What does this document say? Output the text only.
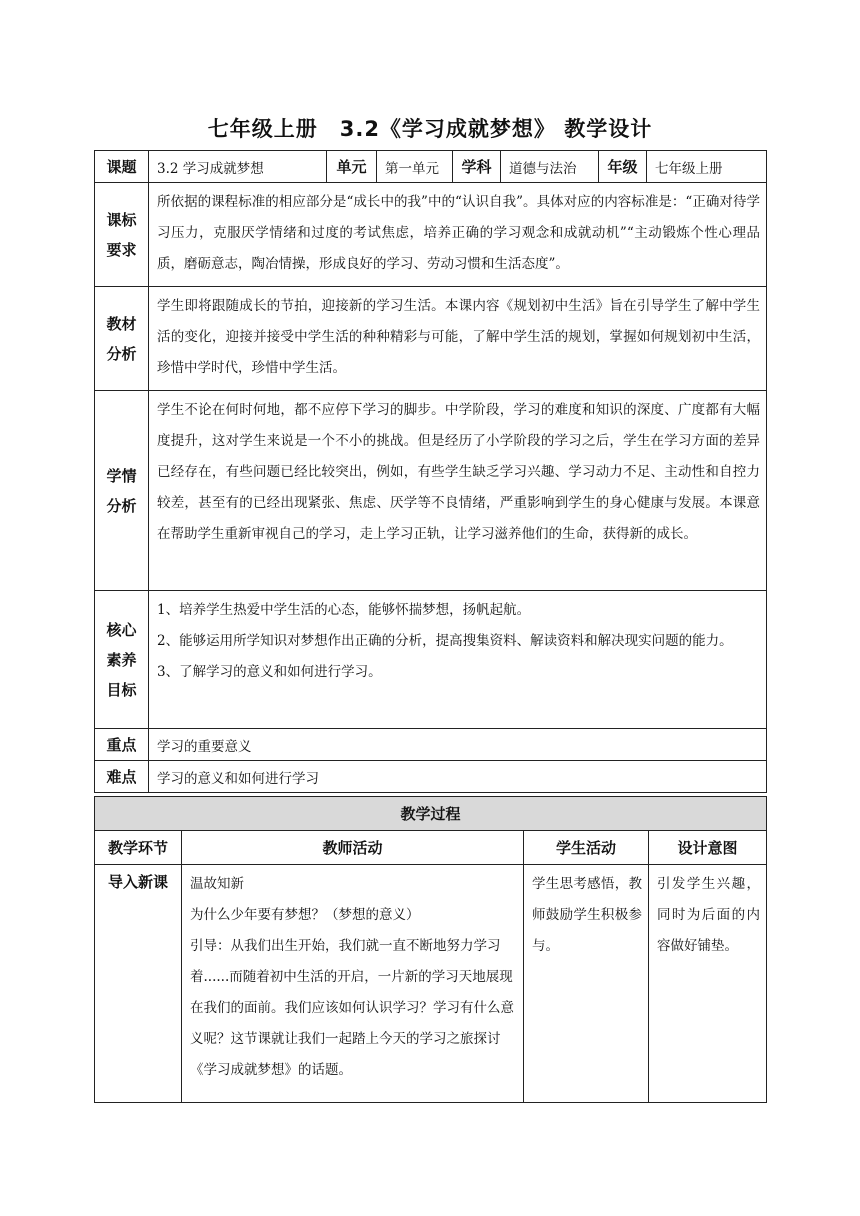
七年级上册　3.2《学习成就梦想》 教学设计
课题	3.2 学习成就梦想	单元	第一单元	学科	道德与法治	年级	七年级上册

课标要求	所依据的课程标准的相应部分是“成长中的我”中的“认识自我”。具体对应的内容标准是：“正确对待学习压力，克服厌学情绪和过度的考试焦虑，培养正确的学习观念和成就动机”“主动锻炼个性心理品质，磨砺意志，陶冶情操，形成良好的学习、劳动习惯和生活态度”。						

教材分析	学生即将跟随成长的节拍，迎接新的学习生活。本课内容《规划初中生活》旨在引导学生了解中学生活的变化，迎接并接受中学生活的种种精彩与可能，了解中学生活的规划，掌握如何规划初中生活，珍惜中学时代，珍惜中学生活。						

学情分析	学生不论在何时何地，都不应停下学习的脚步。中学阶段，学习的难度和知识的深度、广度都有大幅度提升，这对学生来说是一个不小的挑战。但是经历了小学阶段的学习之后，学生在学习方面的差异已经存在，有些问题已经比较突出，例如，有些学生缺乏学习兴趣、学习动力不足、主动性和自控力较差，甚至有的已经出现紧张、焦虑、厌学等不良情绪，严重影响到学生的身心健康与发展。本课意在帮助学生重新审视自己的学习，走上学习正轨，让学习滋养他们的生命，获得新的成长。						

核心素养目标	1、培养学生热爱中学生活的心态，能够怀揣梦想，扬帆起航。

2、能够运用所学知识对梦想作出正确的分析，提高搜集资料、解读资料和解决现实问题的能力。

3、了解学习的意义和如何进行学习。						

重点	学习的重要意义						
难点	学习的意义和如何进行学习						
教学过程			
教学环节	教师活动	学生活动	设计意图
导入新课	温故知新

为什么少年要有梦想？（梦想的意义）

引导：从我们出生开始，我们就一直不断地努力学习着......而随着初中生活的开启，一片新的学习天地展现在我们的面前。我们应该如何认识学习？学习有什么意义呢？这节课就让我们一起踏上今天的学习之旅探讨《学习成就梦想》的话题。	学生思考感悟，教师鼓励学生积极参与。	引发学生兴趣，同时为后面的内容做好铺垫。
